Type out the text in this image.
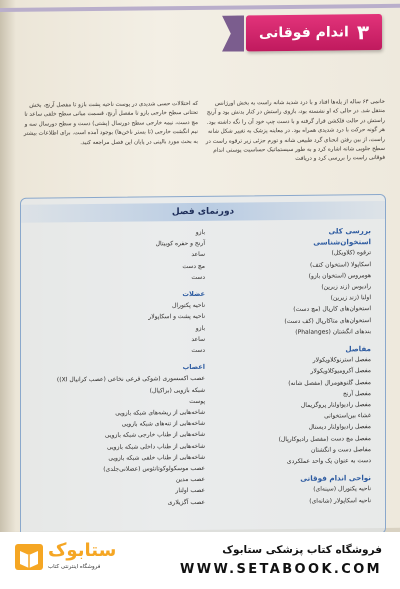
۳
اندام فوقانی

خانمی ۶۴ ساله از پله‌ها افتاد و با درد شدید شانه راست به بخش اورژانس منتقل شد. در حالی که او نشسته بود، بازوی راستش در کنار بدنش بود و آرنج راستش در حالت فلکشن قرار گرفته و با دست چپ خود آن را نگه داشته بود. هر گونه حرکت با درد شدیدی همراه بود. در معاینه پزشک به تغییر شکل شانه راست، از بین رفتن انحنای گرد طبیعی شانه و تورم جزئی زیر ترقوه راست در سطح جلویی شانه اشاره کرد و به طور سیستماتیک حساسیت پوستی اندام فوقانی راست را بررسی کرد و دریافت

که اختلالات حسی شدیدی در پوست ناحیه پشت بازو تا مفصل آرنج، بخش تحتانی سطح خارجی بازو تا مفصل آرنج، قسمت میانی سطح خلفی ساعد تا مچ دست، نیمه خارجی سطح دورسال (پشتی) دست و سطح دورسال سه و نیم انگشت خارجی (تا بستر ناخن‌ها) بوجود آمده است. برای اطلاعات بیشتر به بحث مورد بالینی در پایان این فصل مراجعه کنید.

دورنمای فصل
بررسی کلی
استخوان‌شناسی
ترقوه (کلاویکل)
اسکاپولا (استخوان کتف)
هومروس (استخوان بازو)
رادیوس (زند زبرین)
اولنا (زند زیرین)
استخوان‌های کارپال (مچ دست)
استخوان‌های متاکارپال (کف دست)
بندهای انگشتان (Phalanges)
مفاصل
مفصل استرنوکلاویکولار
مفصل آکرومیوکلاویکولار
مفصل گلنوهومرال (مفصل شانه)
مفصل آرنج
مفصل رادیواولنار پروگزیمال
غشاء بین‌استخوانی
مفصل رادیواولنار دیستال
مفصل مچ دست (مفصل رادیوکارپال)
مفاصل دست و انگشتان
دست به عنوان یک واحد عملکردی
نواحی اندام فوقانی
ناحیه پکتورال (سینه‌ای)
ناحیه اسکاپولار (شانه‌ای)
بازو
آرنج و حفره کوبیتال
ساعد
مچ دست
دست
عضلات
ناحیه پکتورال
ناحیه پشت و اسکاپولار
بازو
ساعد
دست
اعصاب
عصب اکسسوری (شوکی فرعی نخاعی (عصب کرانیال XI))
شبکه بازویی (براکیال)
پوست
شاخه‌هایی از ریشه‌های شبکه بازویی
شاخه‌هایی از تنه‌های شبکه بازویی
شاخه‌هایی از طناب خارجی شبکه بازویی
شاخه‌هایی از طناب داخلی شبکه بازویی
شاخه‌هایی از طناب خلفی شبکه بازویی
عصب موسکولوکوتانئوس (عضلانی‌جلدی)
عصب مدین
عصب اولنار
عصب آگزیلاری
ستابوک
فروشگاه اینترنتی کتاب
فروشگاه کتاب پزشکی ستابوک
WWW.SETABOOK.COM
